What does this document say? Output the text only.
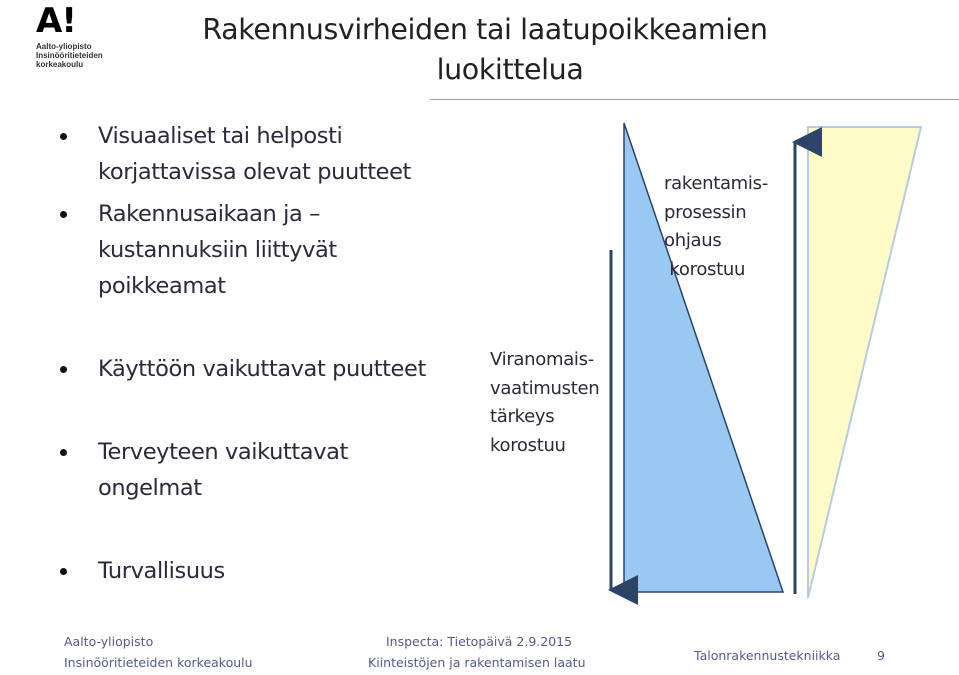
A!
Aalto-yliopisto
Insinööritieteiden
korkeakoulu
Rakennusvirheiden tai laatupoikkeamien
luokittelua
Visuaaliset tai helposti
korjattavissa olevat puutteet
Rakennusaikaan ja –
kustannuksiin liittyvät
poikkeamat
Käyttöön vaikuttavat puutteet
Terveyteen vaikuttavat
ongelmat
Turvallisuus
rakentamis-
prosessin
ohjaus
korostuu
Viranomais-
vaatimusten
tärkeys
korostuu
Aalto-yliopisto
Insinööritieteiden korkeakoulu
Inspecta: Tietopäivä 2.9.2015
Kiinteistöjen ja rakentamisen laatu	Talonrakennustekniikka	9
